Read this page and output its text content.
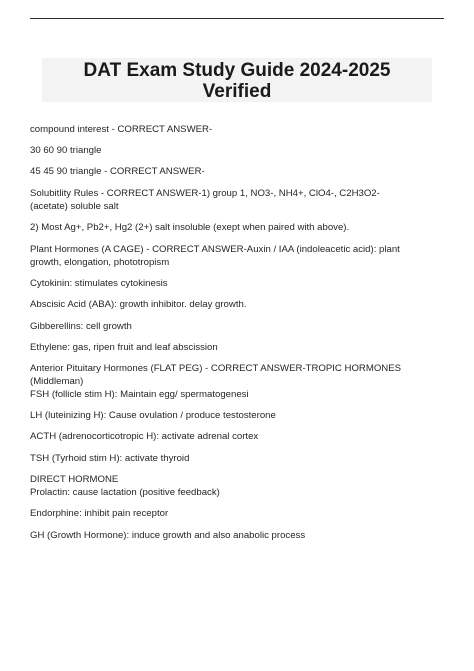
DAT Exam Study Guide 2024-2025
Verified
compound interest - CORRECT ANSWER-
30 60 90 triangle
45 45 90 triangle - CORRECT ANSWER-
Solubitlity Rules - CORRECT ANSWER-1) group 1, NO3-, NH4+, ClO4-, C2H3O2-
(acetate) soluble salt
2) Most Ag+, Pb2+, Hg2 (2+) salt insoluble (exept when paired with above).
Plant Hormones (A CAGE) - CORRECT ANSWER-Auxin / IAA (indoleacetic acid): plant
growth, elongation, phototropism
Cytokinin: stimulates cytokinesis
Abscisic Acid (ABA): growth inhibitor. delay growth.
Gibberellins: cell growth
Ethylene: gas, ripen fruit and leaf abscission
Anterior Pituitary Hormones (FLAT PEG) - CORRECT ANSWER-TROPIC HORMONES
(Middleman)
FSH (follicle stim H): Maintain egg/ spermatogenesi
LH (luteinizing H): Cause ovulation / produce testosterone
ACTH (adrenocorticotropic H): activate adrenal cortex
TSH (Tyrhoid stim H): activate thyroid
DIRECT HORMONE
Prolactin: cause lactation (positive feedback)
Endorphine: inhibit pain receptor
GH (Growth Hormone): induce growth and also anabolic process
